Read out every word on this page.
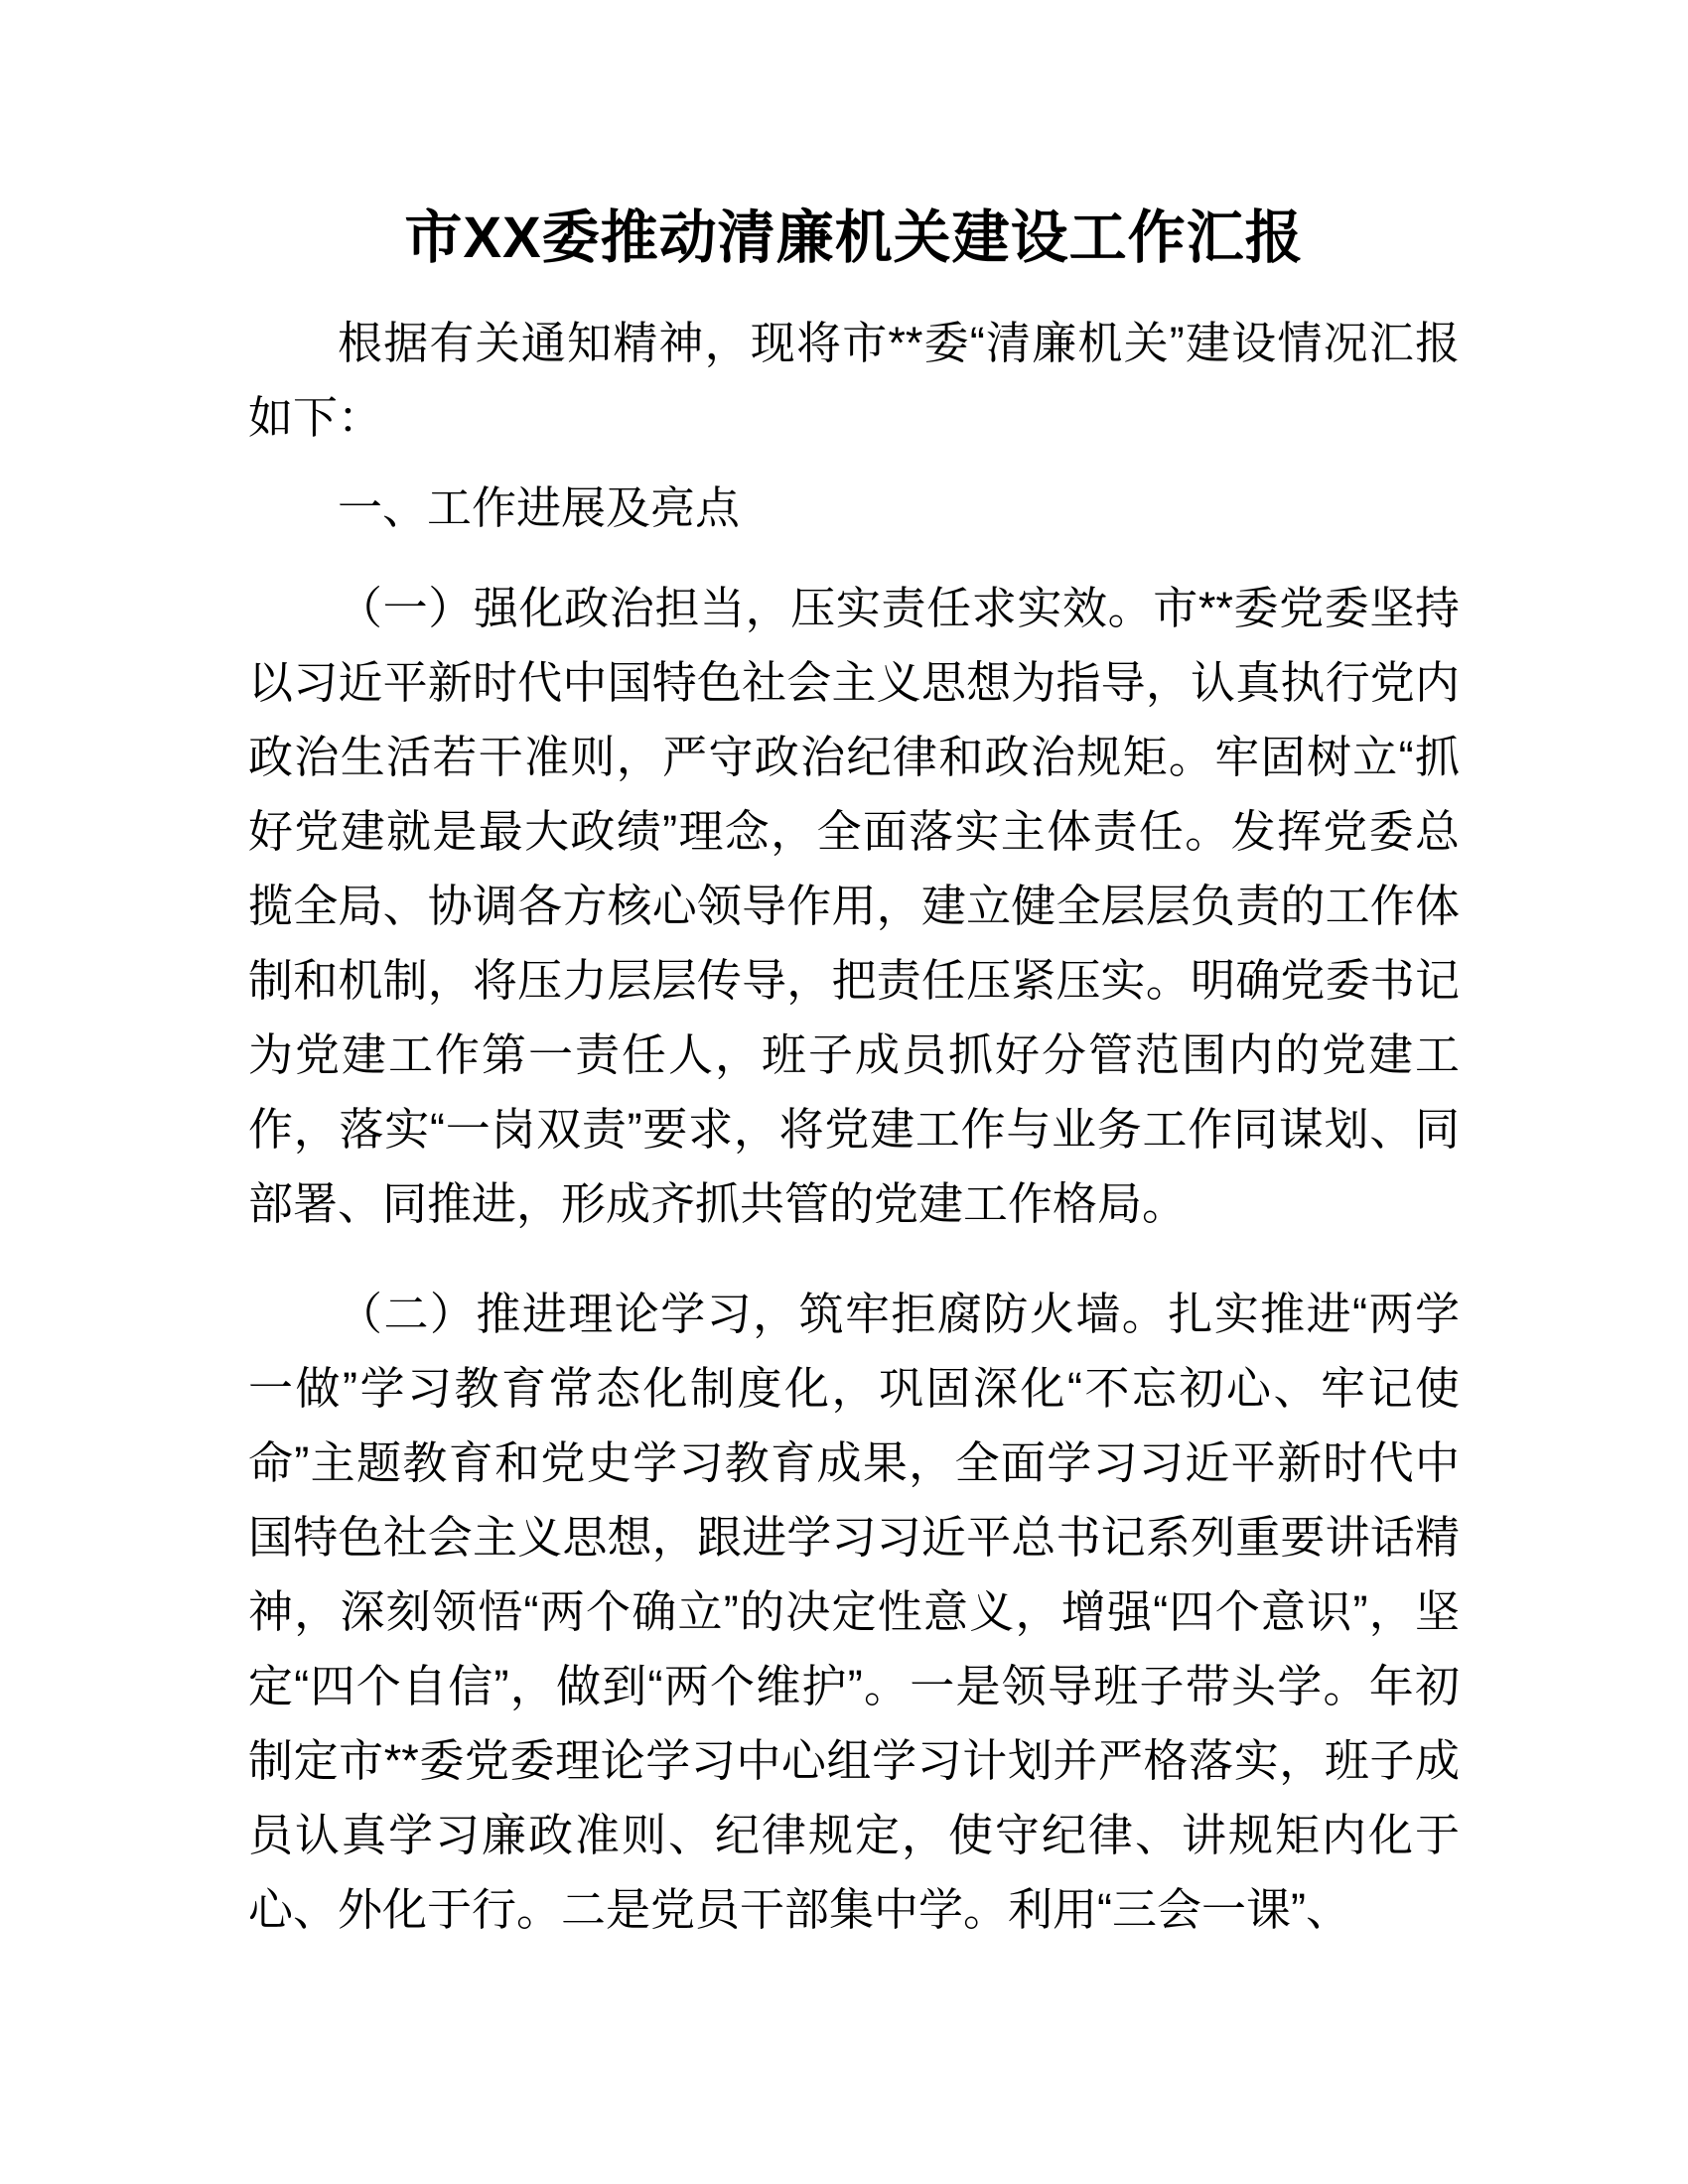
市XX委推动清廉机关建设工作汇报

根据有关通知精神，现将市**委“清廉机关”建设情况汇报如下：

一、工作进展及亮点

（一）强化政治担当，压实责任求实效。市**委党委坚持以习近平新时代中国特色社会主义思想为指导，认真执行党内政治生活若干准则，严守政治纪律和政治规矩。牢固树立“抓好党建就是最大政绩”理念，全面落实主体责任。发挥党委总揽全局、协调各方核心领导作用，建立健全层层负责的工作体制和机制，将压力层层传导，把责任压紧压实。明确党委书记为党建工作第一责任人，班子成员抓好分管范围内的党建工作，落实“一岗双责”要求，将党建工作与业务工作同谋划、同部署、同推进，形成齐抓共管的党建工作格局。

（二）推进理论学习，筑牢拒腐防火墙。扎实推进“两学一做”学习教育常态化制度化，巩固深化“不忘初心、牢记使命”主题教育和党史学习教育成果，全面学习习近平新时代中国特色社会主义思想，跟进学习习近平总书记系列重要讲话精神，深刻领悟“两个确立”的决定性意义，增强“四个意识”，坚定“四个自信”，做到“两个维护”。一是领导班子带头学。年初制定市**委党委理论学习中心组学习计划并严格落实，班子成员认真学习廉政准则、纪律规定，使守纪律、讲规矩内化于心、外化于行。二是党员干部集中学。利用“三会一课”、
